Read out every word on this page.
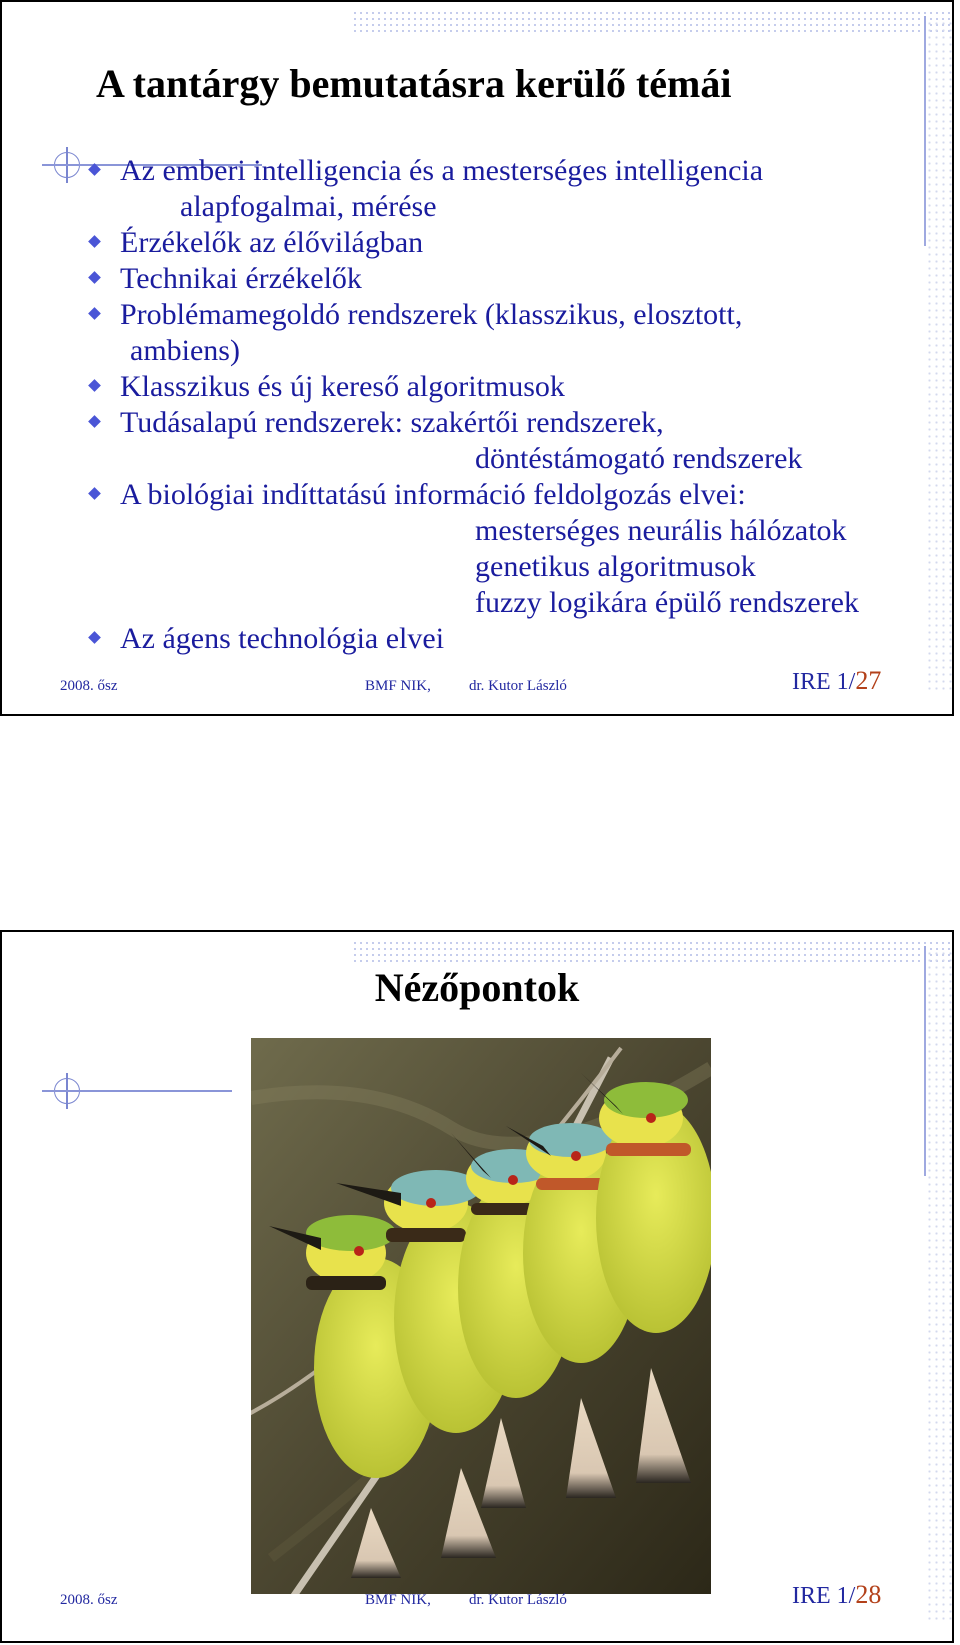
A tantárgy bemutatásra kerülő témái
Az emberi intelligencia és a mesterséges intelligencia
alapfogalmai, mérése
Érzékelők az élővilágban
Technikai érzékelők
Problémamegoldó rendszerek (klasszikus, elosztott,
ambiens)
Klasszikus és új kereső algoritmusok
Tudásalapú rendszerek: szakértői rendszerek,
döntéstámogató rendszerek
A biológiai indíttatású információ feldolgozás elvei:
mesterséges neurális hálózatok
genetikus algoritmusok
fuzzy logikára épülő rendszerek
Az ágens technológia elvei
2008. ősz	BMF NIK,	dr. Kutor László	IRE 1/27
Nézőpontok
2008. ősz	BMF NIK,	dr. Kutor László	IRE 1/28
